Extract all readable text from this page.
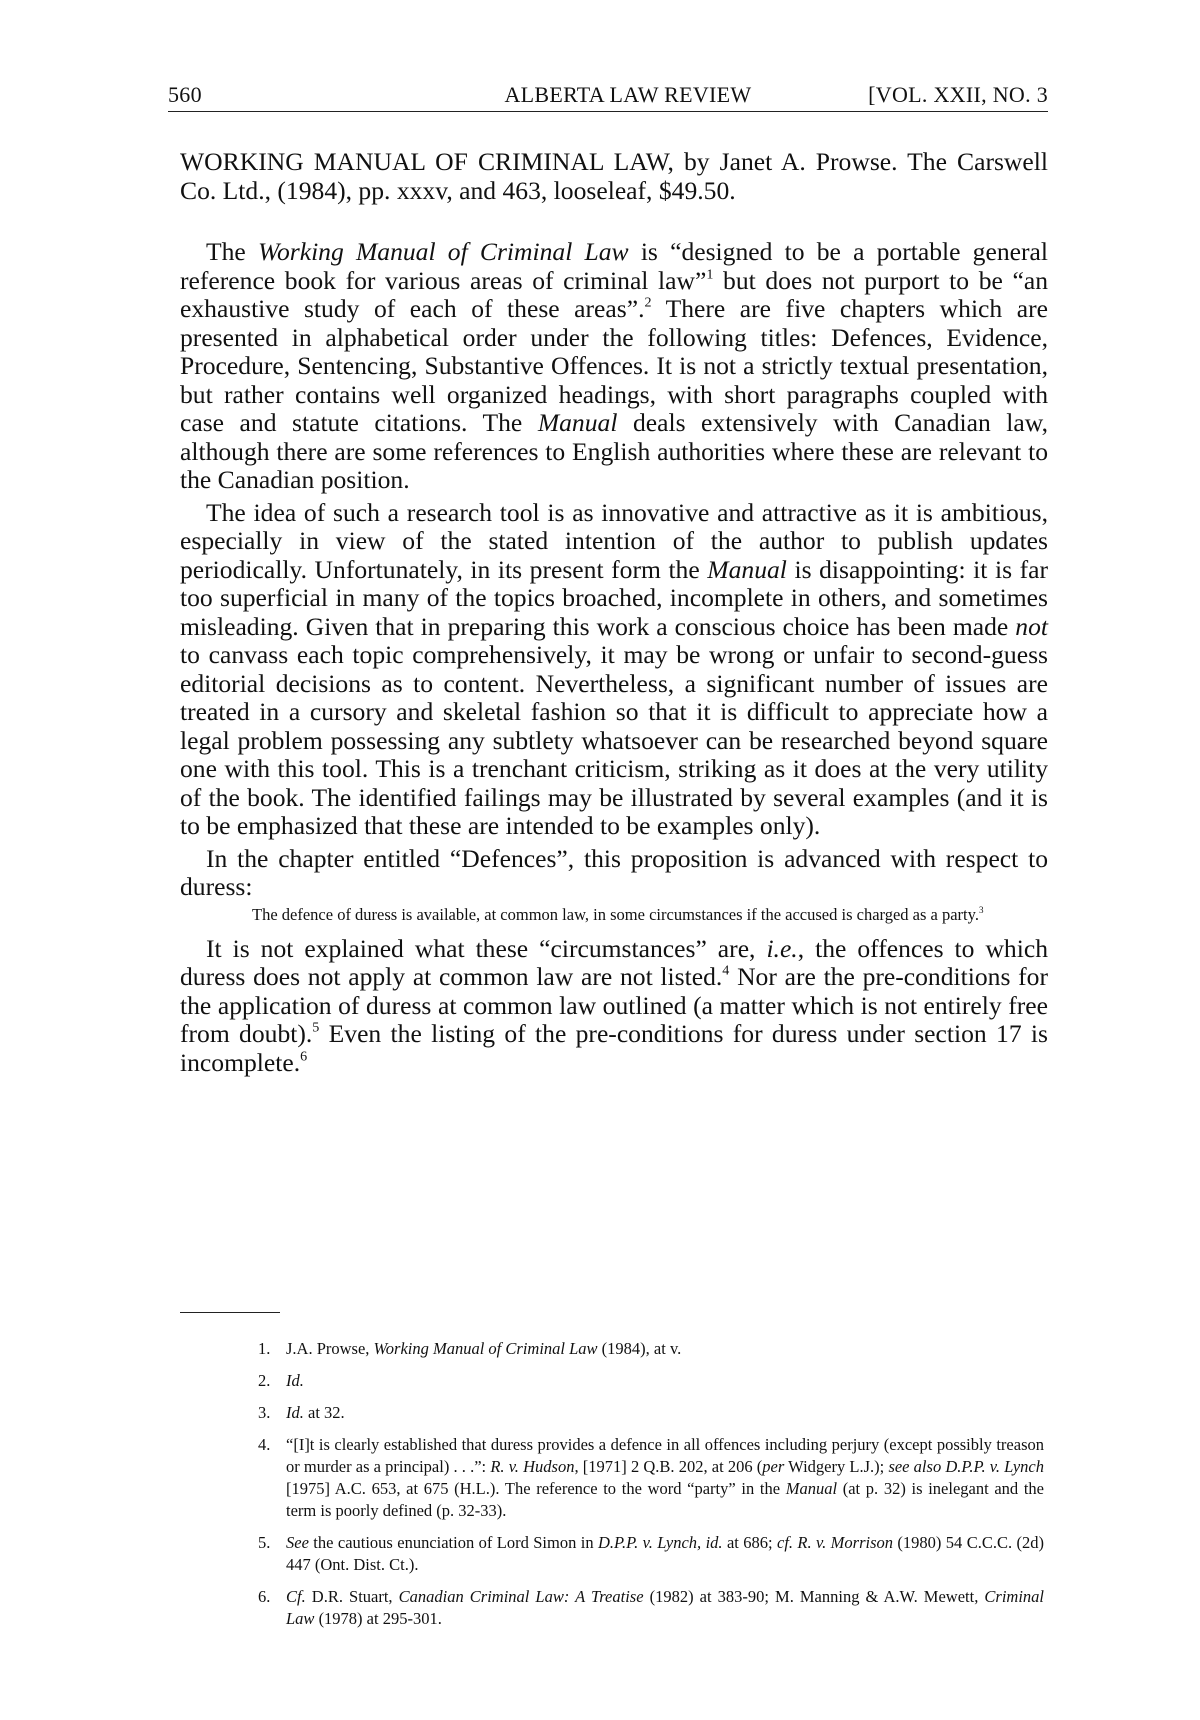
560	ALBERTA LAW REVIEW	[VOL. XXII, NO. 3

WORKING MANUAL OF CRIMINAL LAW, by Janet A. Prowse. The Carswell Co. Ltd., (1984), pp. xxxv, and 463, looseleaf, $49.50.

The Working Manual of Criminal Law is “designed to be a portable general reference book for various areas of criminal law”$^1$ but does not purport to be “an exhaustive study of each of these areas”.$^2$ There are five chapters which are presented in alphabetical order under the following titles: Defences, Evidence, Procedure, Sentencing, Substantive Offences. It is not a strictly textual presentation, but rather contains well organized headings, with short paragraphs coupled with case and statute citations. The Manual deals extensively with Canadian law, although there are some references to English authorities where these are relevant to the Canadian position.

The idea of such a research tool is as innovative and attractive as it is ambitious, especially in view of the stated intention of the author to publish updates periodically. Unfortunately, in its present form the Manual is disappointing: it is far too superficial in many of the topics broached, incomplete in others, and sometimes misleading. Given that in preparing this work a conscious choice has been made not to canvass each topic comprehensively, it may be wrong or unfair to second-guess editorial decisions as to content. Nevertheless, a significant number of issues are treated in a cursory and skeletal fashion so that it is difficult to appreciate how a legal problem possessing any subtlety whatsoever can be researched beyond square one with this tool. This is a trenchant criticism, striking as it does at the very utility of the book. The identified failings may be illustrated by several examples (and it is to be emphasized that these are intended to be examples only).

In the chapter entitled “Defences”, this proposition is advanced with respect to duress:

The defence of duress is available, at common law, in some circumstances if the accused is charged as a party.$^3$

It is not explained what these “circumstances” are, i.e., the offences to which duress does not apply at common law are not listed.$^4$ Nor are the pre-conditions for the application of duress at common law outlined (a matter which is not entirely free from doubt).$^5$ Even the listing of the pre-conditions for duress under section 17 is incomplete.$^6$

1. J.A. Prowse, Working Manual of Criminal Law (1984), at v.
2. Id.
3. Id. at 32.
4. “[I]t is clearly established that duress provides a defence in all offences including perjury (except possibly treason or murder as a principal) . . .”: R. v. Hudson, [1971] 2 Q.B. 202, at 206 (per Widgery L.J.); see also D.P.P. v. Lynch [1975] A.C. 653, at 675 (H.L.). The reference to the word “party” in the Manual (at p. 32) is inelegant and the term is poorly defined (p. 32-33).
5. See the cautious enunciation of Lord Simon in D.P.P. v. Lynch, id. at 686; cf. R. v. Morrison (1980) 54 C.C.C. (2d) 447 (Ont. Dist. Ct.).
6. Cf. D.R. Stuart, Canadian Criminal Law: A Treatise (1982) at 383-90; M. Manning & A.W. Mewett, Criminal Law (1978) at 295-301.
